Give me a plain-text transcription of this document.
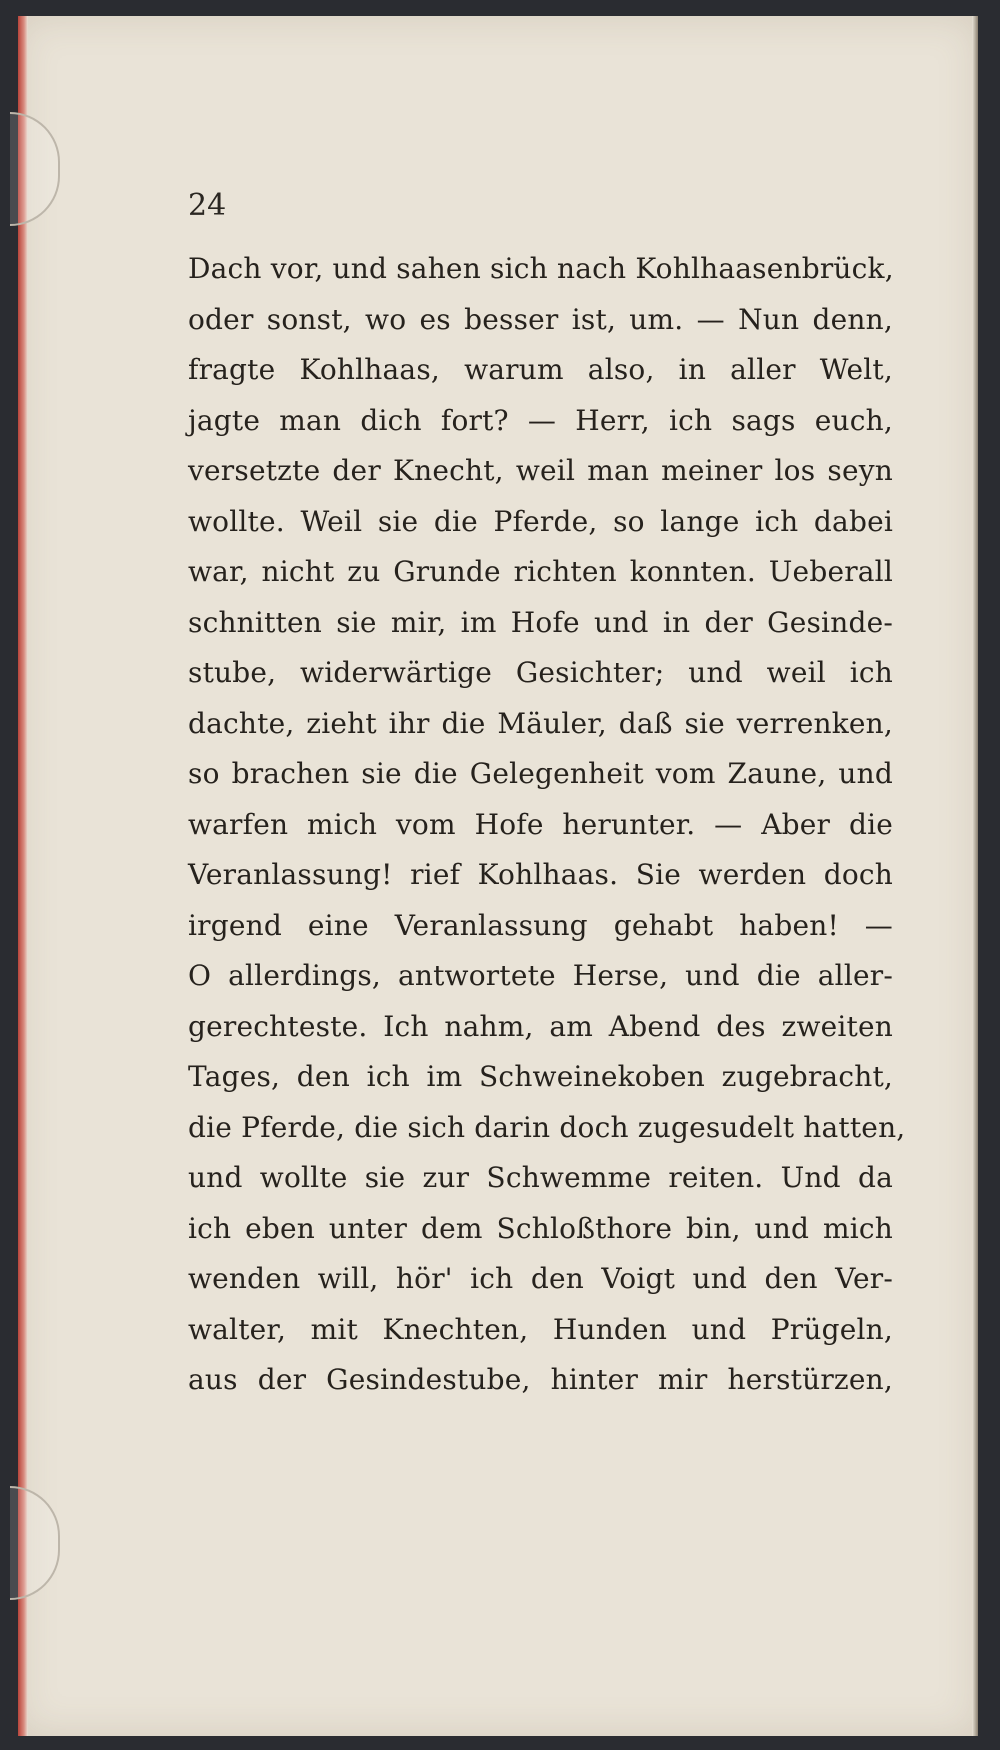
24
Dach vor, und sahen sich nach Kohlhaasenbrück,
oder sonst, wo es besser ist, um. — Nun denn,
fragte Kohlhaas, warum also, in aller Welt,
jagte man dich fort? — Herr, ich sags euch,
versetzte der Knecht, weil man meiner los seyn
wollte. Weil sie die Pferde, so lange ich dabei
war, nicht zu Grunde richten konnten. Ueberall
schnitten sie mir, im Hofe und in der Gesinde-
stube, widerwärtige Gesichter; und weil ich
dachte, zieht ihr die Mäuler, daß sie verrenken,
so brachen sie die Gelegenheit vom Zaune, und
warfen mich vom Hofe herunter. — Aber die
Veranlassung! rief Kohlhaas. Sie werden doch
irgend eine Veranlassung gehabt haben! —
O allerdings, antwortete Herse, und die aller-
gerechteste. Ich nahm, am Abend des zweiten
Tages, den ich im Schweinekoben zugebracht,
die Pferde, die sich darin doch zugesudelt hatten,
und wollte sie zur Schwemme reiten. Und da
ich eben unter dem Schloßthore bin, und mich
wenden will, hör' ich den Voigt und den Ver-
walter, mit Knechten, Hunden und Prügeln,
aus der Gesindestube, hinter mir herstürzen,
